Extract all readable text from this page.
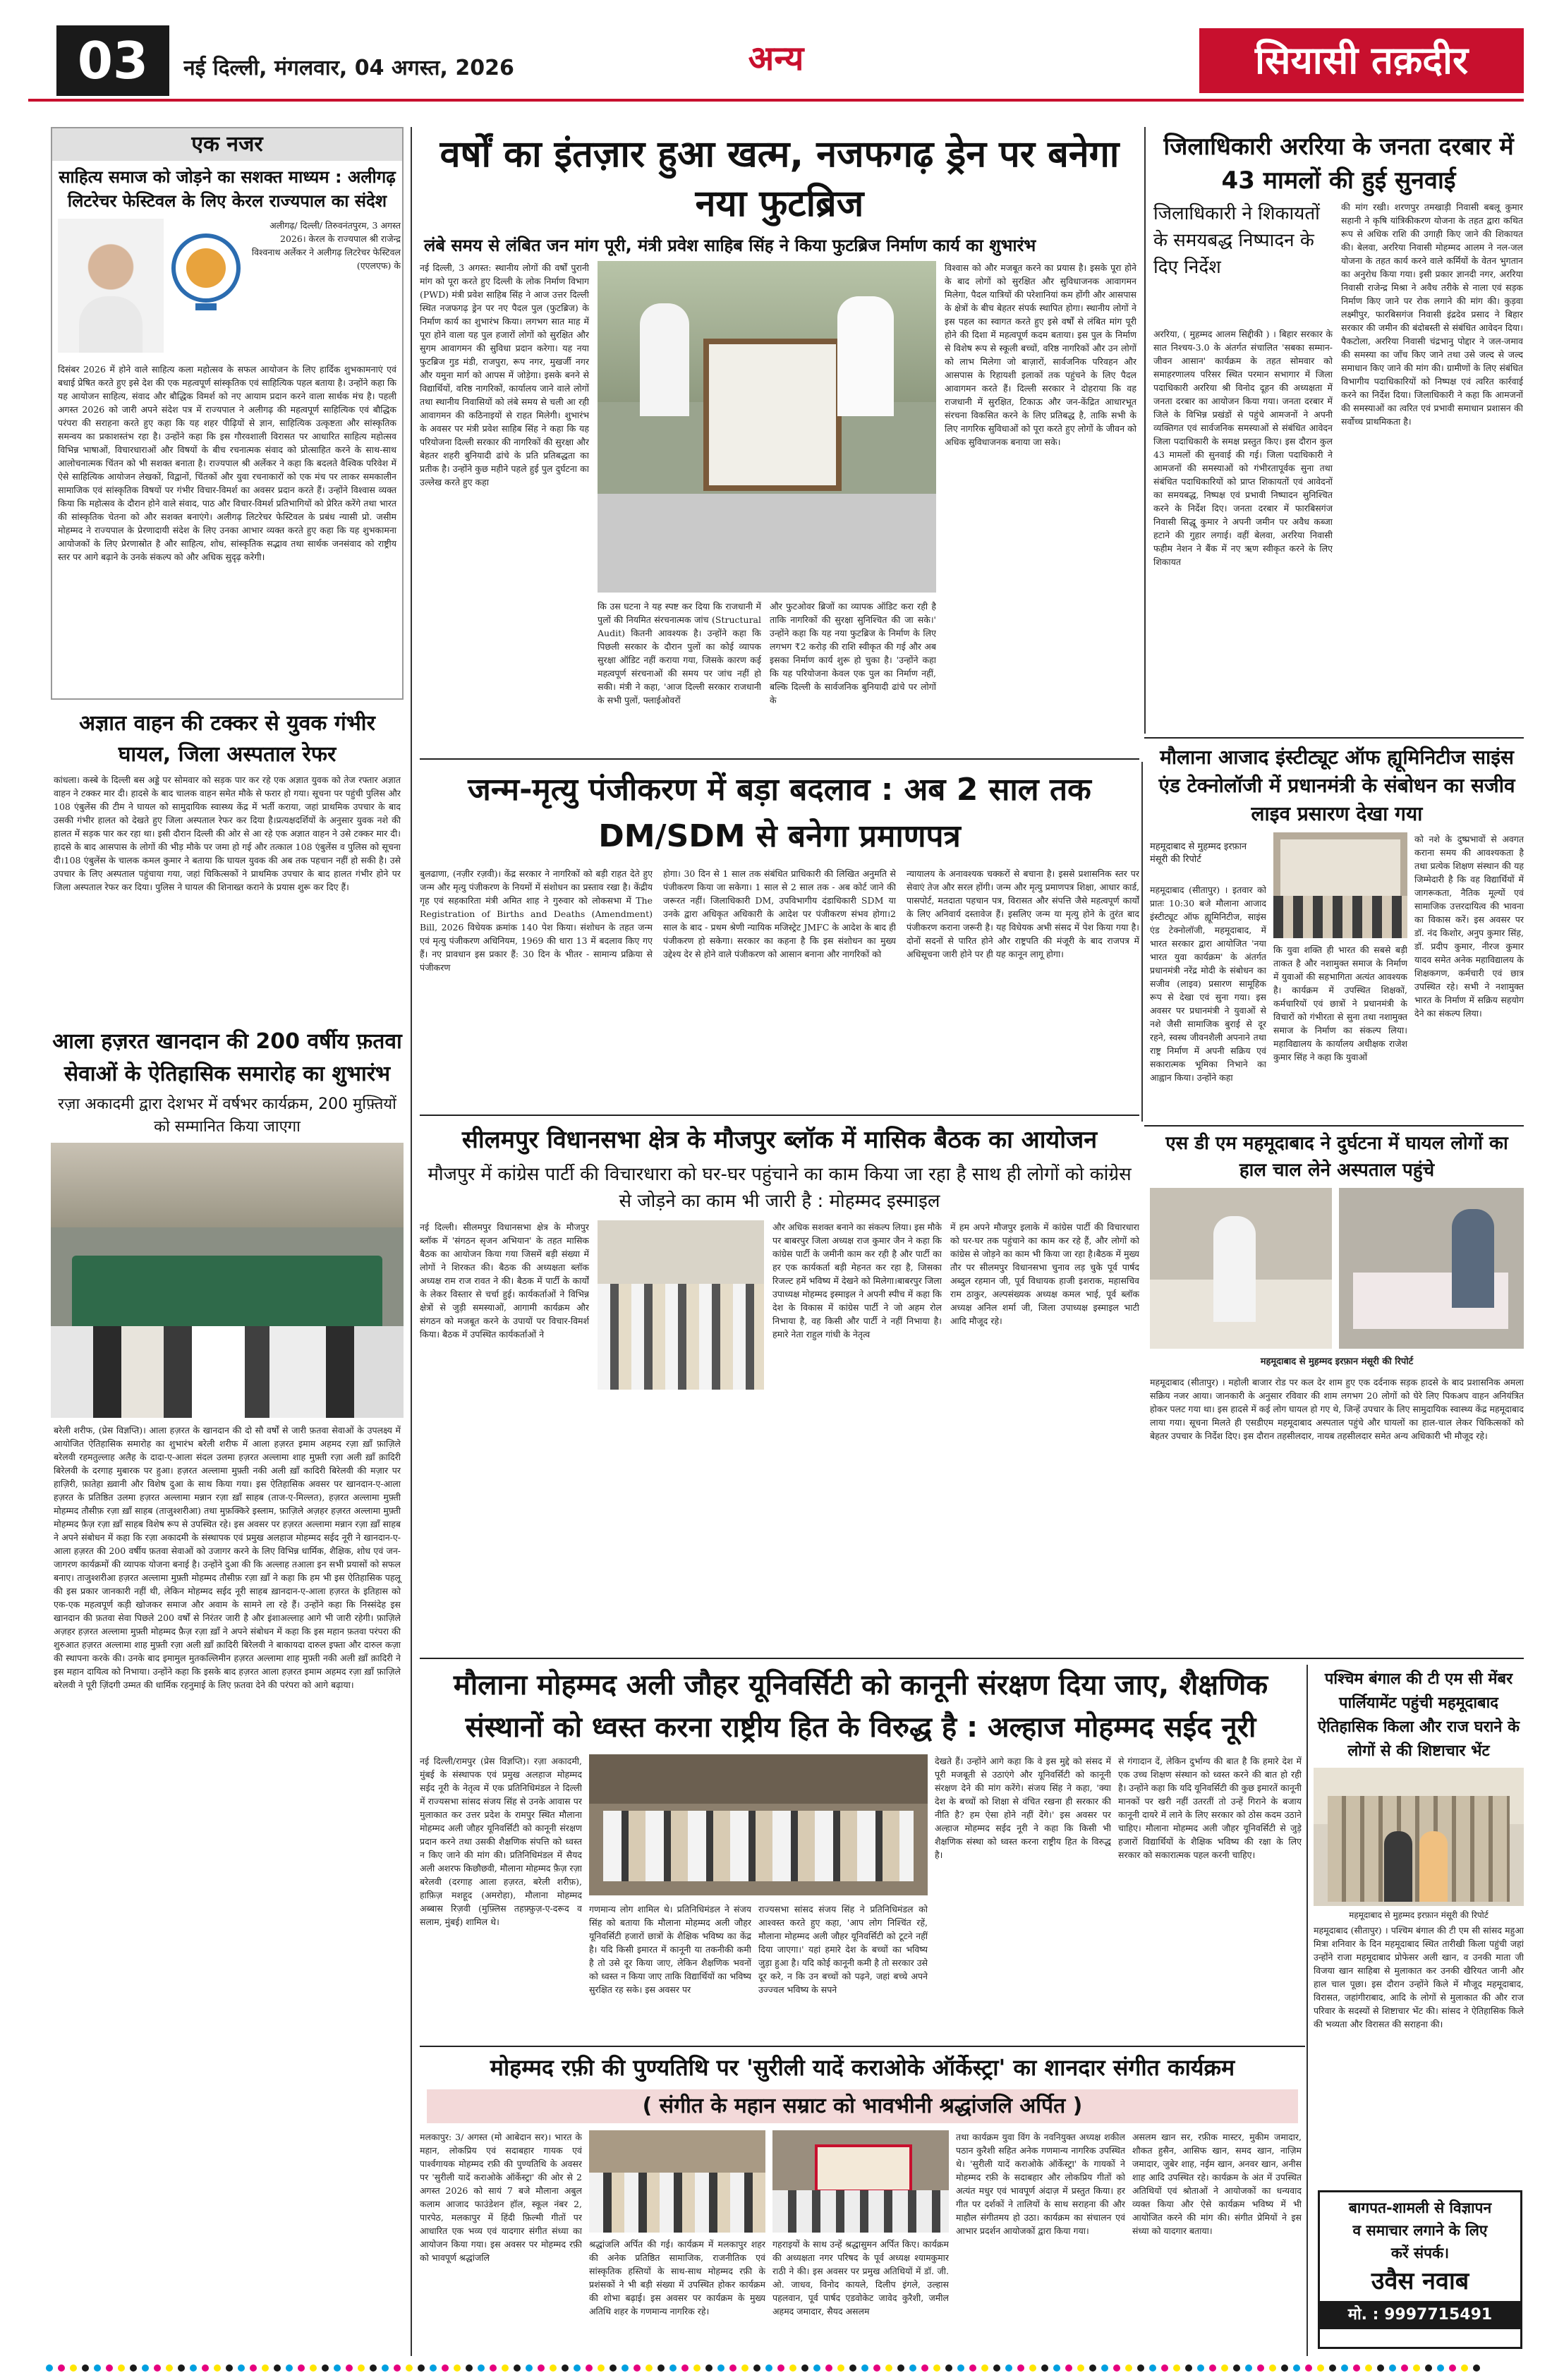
03	नई दिल्ली, मंगलवार, 04 अगस्त, 2026	अन्य	सियासी तक़दीर
एक नजर
साहित्य समाज को जोड़ने का सशक्त माध्यम : अलीगढ़ लिटरेचर फेस्टिवल के लिए केरल राज्यपाल का संदेश
अलीगढ़/ दिल्ली/ तिरुवनंतपुरम, 3 अगस्त 2026। केरल के राज्यपाल श्री राजेन्द्र विश्वनाथ अर्लेकर ने अलीगढ़ लिटरेचर फेस्टिवल (एएलएफ) के
दिसंबर 2026 में होने वाले साहित्य कला महोत्सव के सफल आयोजन के लिए हार्दिक शुभकामनाएं एवं बधाई प्रेषित करते हुए इसे देश की एक महत्वपूर्ण सांस्कृतिक एवं साहित्यिक पहल बताया है। उन्होंने कहा कि यह आयोजन साहित्य, संवाद और बौद्धिक विमर्श को नए आयाम प्रदान करने वाला सार्थक मंच है। पहली अगस्त 2026 को जारी अपने संदेश पत्र में राज्यपाल ने अलीगढ़ की महत्वपूर्ण साहित्यिक एवं बौद्धिक परंपरा की सराहना करते हुए कहा कि यह शहर पीढ़ियों से ज्ञान, साहित्यिक उत्कृष्टता और सांस्कृतिक समन्वय का प्रकाशस्तंभ रहा है। उन्होंने कहा कि इस गौरवशाली विरासत पर आधारित साहित्य महोत्सव विभिन्न भाषाओं, विचारधाराओं और विषयों के बीच रचनात्मक संवाद को प्रोत्साहित करने के साथ-साथ आलोचनात्मक चिंतन को भी सशक्त बनाता है। राज्यपाल श्री अर्लेकर ने कहा कि बदलते वैश्विक परिवेश में ऐसे साहित्यिक आयोजन लेखकों, विद्वानों, चिंतकों और युवा रचनाकारों को एक मंच पर लाकर समकालीन सामाजिक एवं सांस्कृतिक विषयों पर गंभीर विचार-विमर्श का अवसर प्रदान करते हैं। उन्होंने विश्वास व्यक्त किया कि महोत्सव के दौरान होने वाले संवाद, पाठ और विचार-विमर्श प्रतिभागियों को प्रेरित करेंगे तथा भारत की सांस्कृतिक चेतना को और सशक्त बनाएंगे। अलीगढ़ लिटरेचर फेस्टिवल के प्रबंध न्यासी प्रो. जसीम मोहम्मद ने राज्यपाल के प्रेरणादायी संदेश के लिए उनका आभार व्यक्त करते हुए कहा कि यह शुभकामना आयोजकों के लिए प्रेरणास्रोत है और साहित्य, शोध, सांस्कृतिक सद्भाव तथा सार्थक जनसंवाद को राष्ट्रीय स्तर पर आगे बढ़ाने के उनके संकल्प को और अधिक सुदृढ़ करेगी।
अज्ञात वाहन की टक्कर से युवक गंभीर घायल, जिला अस्पताल रेफर
कांधला। कस्बे के दिल्ली बस अड्डे पर सोमवार को सड़क पार कर रहे एक अज्ञात युवक को तेज रफ्तार अज्ञात वाहन ने टक्कर मार दी। हादसे के बाद चालक वाहन समेत मौके से फरार हो गया। सूचना पर पहुंची पुलिस और 108 एंबुलेंस की टीम ने घायल को सामुदायिक स्वास्थ्य केंद्र में भर्ती कराया, जहां प्राथमिक उपचार के बाद उसकी गंभीर हालत को देखते हुए जिला अस्पताल रेफर कर दिया है।प्रत्यक्षदर्शियों के अनुसार युवक नशे की हालत में सड़क पार कर रहा था। इसी दौरान दिल्ली की ओर से आ रहे एक अज्ञात वाहन ने उसे टक्कर मार दी। हादसे के बाद आसपास के लोगों की भीड़ मौके पर जमा हो गई और तत्काल 108 एंबुलेंस व पुलिस को सूचना दी।108 एंबुलेंस के चालक कमल कुमार ने बताया कि घायल युवक की अब तक पहचान नहीं हो सकी है। उसे उपचार के लिए अस्पताल पहुंचाया गया, जहां चिकित्सकों ने प्राथमिक उपचार के बाद हालत गंभीर होने पर जिला अस्पताल रेफर कर दिया। पुलिस ने घायल की शिनाख्त कराने के प्रयास शुरू कर दिए हैं।
आला हज़रत खानदान की 200 वर्षीय फ़तवा सेवाओं के ऐतिहासिक समारोह का शुभारंभ
रज़ा अकादमी द्वारा देशभर में वर्षभर कार्यक्रम, 200 मुफ़्तियों को सम्मानित किया जाएगा
बरेली शरीफ, (प्रेस विज्ञप्ति)। आला हज़रत के खानदान की दो सौ वर्षों से जारी फ़तवा सेवाओं के उपलक्ष्य में आयोजित ऐतिहासिक समारोह का शुभारंभ बरेली शरीफ में आला हज़रत इमाम अहमद रज़ा ख़ाँ फ़ाज़िले बरेलवी रहमतुल्लाह अलैह के दादा-ए-आला संदल उलमा हज़रत अल्लामा शाह मुफ़्ती रज़ा अली ख़ाँ क़ादिरी बिरेलवी के दरगाह मुबारक पर हुआ। हज़रत अल्लामा मुफ़्ती नकी अली ख़ाँ कादिरी बिरेलवी की मज़ार पर हाज़िरी, फ़ातेहा ख़्वानी और विशेष दुआ के साथ किया गया। इस ऐतिहासिक अवसर पर खानदान-ए-आला हज़रत के प्रतिष्ठित उलमा हज़रत अल्लामा मन्नान रज़ा ख़ाँ साहब (ताज-ए-मिल्लत), हज़रत अल्लामा मुफ़्ती मोहम्मद तौसीफ़ रज़ा ख़ाँ साहब (ताजुश्शरीआ) तथा मुफ़क्किरे इस्लाम, फ़ाज़िले अज़हर हज़रत अल्लामा मुफ़्ती मोहम्मद फ़ैज़ रज़ा ख़ाँ साहब विशेष रूप से उपस्थित रहे। इस अवसर पर हज़रत अल्लामा मन्नान रज़ा ख़ाँ साहब ने अपने संबोधन में कहा कि रज़ा अकादमी के संस्थापक एवं प्रमुख अलहाज मोहम्मद सईद नूरी ने खानदान-ए-आला हज़रत की 200 वर्षीय फ़तवा सेवाओं को उजागर करने के लिए विभिन्न धार्मिक, शैक्षिक, शोध एवं जन-जागरण कार्यक्रमों की व्यापक योजना बनाई है। उन्होंने दुआ की कि अल्लाह तआला इन सभी प्रयासों को सफल बनाए। ताजुश्शरीआ हज़रत अल्लामा मुफ़्ती मोहम्मद तौसीफ़ रज़ा ख़ाँ ने कहा कि हम भी इस ऐतिहासिक पहलू की इस प्रकार जानकारी नहीं थी, लेकिन मोहम्मद सईद नूरी साहब ख़ानदान-ए-आला हज़रत के इतिहास को एक-एक महत्वपूर्ण कड़ी खोजकर समाज और अवाम के सामने ला रहे हैं। उन्होंने कहा कि निस्संदेह इस खानदान की फ़तवा सेवा पिछले 200 वर्षों से निरंतर जारी है और इंशाअल्लाह आगे भी जारी रहेगी। फ़ाज़िले अज़हर हज़रत अल्लामा मुफ़्ती मोहम्मद फ़ैज़ रज़ा ख़ाँ ने अपने संबोधन में कहा कि इस महान फ़तवा परंपरा की शुरुआत हज़रत अल्लामा शाह मुफ़्ती रज़ा अली ख़ाँ क़ादिरी बिरेलवी ने बाकायदा दारुल इफ्ता और दारुल कज़ा की स्थापना करके की। उनके बाद इमामुल मुतकल्लिमीन हज़रत अल्लामा शाह मुफ़्ती नकी अली ख़ाँ क़ादिरी ने इस महान दायित्व को निभाया। उन्होंने कहा कि इसके बाद हज़रत आला हज़रत इमाम अहमद रज़ा ख़ाँ फ़ाज़िले बरेलवी ने पूरी ज़िंदगी उम्मत की धार्मिक रहनुमाई के लिए फ़तवा देने की परंपरा को आगे बढ़ाया।
वर्षों का इंतज़ार हुआ खत्म, नजफगढ़ ड्रेन पर बनेगा नया फुटब्रिज
लंबे समय से लंबित जन मांग पूरी, मंत्री प्रवेश साहिब सिंह ने किया फुटब्रिज निर्माण कार्य का शुभारंभ
नई दिल्ली, 3 अगस्त: स्थानीय लोगों की वर्षों पुरानी मांग को पूरा करते हुए दिल्ली के लोक निर्माण विभाग (PWD) मंत्री प्रवेश साहिब सिंह ने आज उत्तर दिल्ली स्थित नजफगढ़ ड्रेन पर नए पैदल पुल (फुटब्रिज) के निर्माण कार्य का शुभारंभ किया। लगभग सात माह में पूरा होने वाला यह पुल हजारों लोगों को सुरक्षित और सुगम आवागमन की सुविधा प्रदान करेगा। यह नया फुटब्रिज गुड मंडी, राजपुरा, रूप नगर, मुखर्जी नगर और यमुना मार्ग को आपस में जोड़ेगा। इसके बनने से विद्यार्थियों, वरिष्ठ नागरिकों, कार्यालय जाने वाले लोगों तथा स्थानीय निवासियों को लंबे समय से चली आ रही आवागमन की कठिनाइयों से राहत मिलेगी। शुभारंभ के अवसर पर मंत्री प्रवेश साहिब सिंह ने कहा कि यह परियोजना दिल्ली सरकार की नागरिकों की सुरक्षा और बेहतर शहरी बुनियादी ढांचे के प्रति प्रतिबद्धता का प्रतीक है। उन्होंने कुछ महीने पहले हुई पुल दुर्घटना का उल्लेख करते हुए कहा
कि उस घटना ने यह स्पष्ट कर दिया कि राजधानी में पुलों की नियमित संरचनात्मक जांच (Structural Audit) कितनी आवश्यक है। उन्होंने कहा कि पिछली सरकार के दौरान पुलों का कोई व्यापक सुरक्षा ऑडिट नहीं कराया गया, जिसके कारण कई महत्वपूर्ण संरचनाओं की समय पर जांच नहीं हो सकी। मंत्री ने कहा, 'आज दिल्ली सरकार राजधानी के सभी पुलों, फ्लाईओवरों
और फुटओवर ब्रिजों का व्यापक ऑडिट करा रही है ताकि नागरिकों की सुरक्षा सुनिश्चित की जा सके।' उन्होंने कहा कि यह नया फुटब्रिज के निर्माण के लिए लगभग ₹2 करोड़ की राशि स्वीकृत की गई और अब इसका निर्माण कार्य शुरू हो चुका है। 'उन्होंने कहा कि यह परियोजना केवल एक पुल का निर्माण नहीं, बल्कि दिल्ली के सार्वजनिक बुनियादी ढांचे पर लोगों के
विश्वास को और मजबूत करने का प्रयास है। इसके पूरा होने के बाद लोगों को सुरक्षित और सुविधाजनक आवागमन मिलेगा, पैदल यात्रियों की परेशानियां कम होंगी और आसपास के क्षेत्रों के बीच बेहतर संपर्क स्थापित होगा। स्थानीय लोगों ने इस पहल का स्वागत करते हुए इसे वर्षों से लंबित मांग पूरी होने की दिशा में महत्वपूर्ण कदम बताया। इस पुल के निर्माण से विशेष रूप से स्कूली बच्चों, वरिष्ठ नागरिकों और उन लोगों को लाभ मिलेगा जो बाज़ारों, सार्वजनिक परिवहन और आसपास के रिहायशी इलाकों तक पहुंचने के लिए पैदल आवागमन करते हैं। दिल्ली सरकार ने दोहराया कि वह राजधानी में सुरक्षित, टिकाऊ और जन-केंद्रित आधारभूत संरचना विकसित करने के लिए प्रतिबद्ध है, ताकि सभी के लिए नागरिक सुविधाओं को पूरा करते हुए लोगों के जीवन को अधिक सुविधाजनक बनाया जा सके।
जिलाधिकारी अररिया के जनता दरबार में 43 मामलों की हुई सुनवाई
जिलाधिकारी ने शिकायतों के समयबद्ध निष्पादन के दिए निर्देश
अररिया, ( मुहम्मद आलम सिद्दीकी ) । बिहार सरकार के सात निश्चय-3.0 के अंतर्गत संचालित 'सबका सम्मान-जीवन आसान' कार्यक्रम के तहत सोमवार को समाहरणालय परिसर स्थित परमान सभागार में जिला पदाधिकारी अररिया श्री विनोद दूहन की अध्यक्षता में जनता दरबार का आयोजन किया गया। जनता दरबार में जिले के विभिन्न प्रखंडों से पहुंचे आमजनों ने अपनी व्यक्तिगत एवं सार्वजनिक समस्याओं से संबंधित आवेदन जिला पदाधिकारी के समक्ष प्रस्तुत किए। इस दौरान कुल 43 मामलों की सुनवाई की गई। जिला पदाधिकारी ने आमजनों की समस्याओं को गंभीरतापूर्वक सुना तथा संबंधित पदाधिकारियों को प्राप्त शिकायतों एवं आवेदनों का समयबद्ध, निष्पक्ष एवं प्रभावी निष्पादन सुनिश्चित करने के निर्देश दिए। जनता दरबार में फारबिसगंज निवासी सिद्धू कुमार ने अपनी जमीन पर अवैध कब्जा हटाने की गुहार लगाई। वहीं बेलवा, अररिया निवासी फहीम नेशन ने बैंक में नए ऋण स्वीकृत करने के लिए शिकायत
की मांग रखी। शरणपुर तमखाड़ी निवासी बबलू कुमार सहानी ने कृषि यांत्रिकीकरण योजना के तहत द्वारा कथित रूप से अधिक राशि की उगाही किए जाने की शिकायत की। बेलवा, अररिया निवासी मोहम्मद आलम ने नल-जल योजना के तहत कार्य करने वाले कर्मियों के वेतन भुगतान का अनुरोध किया गया। इसी प्रकार ज्ञानदी नगर, अररिया निवासी राजेन्द्र मिश्रा ने अवैध तरीके से नाला एवं सड़क निर्माण किए जाने पर रोक लगाने की मांग की। कुड़वा लक्ष्मीपुर, फारबिसगंज निवासी इंद्रदेव प्रसाद ने बिहार सरकार की जमीन की बंदोबस्ती से संबंधित आवेदन दिया। पैकटोला, अररिया निवासी चंद्रभानु पोद्दार ने जल-जमाव की समस्या का जाँच किए जाने तथा उसे जल्द से जल्द समाधान किए जाने की मांग की। ग्रामीणों के लिए संबंधित विभागीय पदाधिकारियों को निष्पक्ष एवं त्वरित कार्रवाई करने का निर्देश दिया। जिलाधिकारी ने कहा कि आमजनों की समस्याओं का त्वरित एवं प्रभावी समाधान प्रशासन की सर्वोच्च प्राथमिकता है।
जन्म-मृत्यु पंजीकरण में बड़ा बदलाव : अब 2 साल तक DM/SDM से बनेगा प्रमाणपत्र
बुलढाणा, (नज़ीर रज़वी)। केंद्र सरकार ने नागरिकों को बड़ी राहत देते हुए जन्म और मृत्यु पंजीकरण के नियमों में संशोधन का प्रस्ताव रखा है। केंद्रीय गृह एवं सहकारिता मंत्री अमित शाह ने गुरुवार को लोकसभा में The Registration of Births and Deaths (Amendment) Bill, 2026 विधेयक क्रमांक 140 पेश किया। संशोधन के तहत जन्म एवं मृत्यु पंजीकरण अधिनियम, 1969 की धारा 13 में बदलाव किए गए हैं। नए प्रावधान इस प्रकार हैं: 30 दिन के भीतर - सामान्य प्रक्रिया से पंजीकरण
होगा। 30 दिन से 1 साल तक संबंधित प्राधिकारी की लिखित अनुमति से पंजीकरण किया जा सकेगा। 1 साल से 2 साल तक - अब कोर्ट जाने की जरूरत नहीं। जिलाधिकारी DM, उपविभागीय दंडाधिकारी SDM या उनके द्वारा अधिकृत अधिकारी के आदेश पर पंजीकरण संभव होगा।2 साल के बाद - प्रथम श्रेणी न्यायिक मजिस्ट्रेट JMFC के आदेश के बाद ही पंजीकरण हो सकेगा। सरकार का कहना है कि इस संशोधन का मुख्य उद्देश्य देर से होने वाले पंजीकरण को आसान बनाना और नागरिकों को
न्यायालय के अनावश्यक चक्करों से बचाना है। इससे प्रशासनिक स्तर पर सेवाएं तेज और सरल होंगी। जन्म और मृत्यु प्रमाणपत्र शिक्षा, आधार कार्ड, पासपोर्ट, मतदाता पहचान पत्र, विरासत और संपत्ति जैसे महत्वपूर्ण कार्यों के लिए अनिवार्य दस्तावेज हैं। इसलिए जन्म या मृत्यु होने के तुरंत बाद पंजीकरण कराना जरूरी है। यह विधेयक अभी संसद में पेश किया गया है। दोनों सदनों से पारित होने और राष्ट्रपति की मंजूरी के बाद राजपत्र में अधिसूचना जारी होने पर ही यह कानून लागू होगा।
मौलाना आजाद इंस्टीट्यूट ऑफ ह्यूमिनिटीज साइंस एंड टेक्नोलॉजी में प्रधानमंत्री के संबोधन का सजीव लाइव प्रसारण देखा गया
महमूदाबाद से मुहम्मद इरफ़ान मंसूरी की रिपोर्ट
महमूदाबाद (सीतापुर) । इतवार को प्रातः 10:30 बजे मौलाना आजाद इंस्टीट्यूट ऑफ ह्यूमिनिटीज, साइंस एंड टेक्नोलॉजी, महमूदाबाद, में भारत सरकार द्वारा आयोजित 'नया भारत युवा कार्यक्रम' के अंतर्गत प्रधानमंत्री नरेंद्र मोदी के संबोधन का सजीव (लाइव) प्रसारण सामूहिक रूप से देखा एवं सुना गया। इस अवसर पर प्रधानमंत्री ने युवाओं से नशे जैसी सामाजिक बुराई से दूर रहने, स्वस्थ जीवनशैली अपनाने तथा राष्ट्र निर्माण में अपनी सक्रिय एवं सकारात्मक भूमिका निभाने का आह्वान किया। उन्होंने कहा
कि युवा शक्ति ही भारत की सबसे बड़ी ताकत है और नशामुक्त समाज के निर्माण में युवाओं की सहभागिता अत्यंत आवश्यक है। कार्यक्रम में उपस्थित शिक्षकों, कर्मचारियों एवं छात्रों ने प्रधानमंत्री के विचारों को गंभीरता से सुना तथा नशामुक्त समाज के निर्माण का संकल्प लिया। महाविद्यालय के कार्यालय अधीक्षक राजेश कुमार सिंह ने कहा कि युवाओं
को नशे के दुष्प्रभावों से अवगत कराना समय की आवश्यकता है तथा प्रत्येक शिक्षण संस्थान की यह जिम्मेदारी है कि वह विद्यार्थियों में जागरूकता, नैतिक मूल्यों एवं सामाजिक उत्तरदायित्व की भावना का विकास करें। इस अवसर पर डॉ. नंद किशोर, अनुप कुमार सिंह, डॉ. प्रदीप कुमार, नीरज कुमार यादव समेत अनेक महाविद्यालय के शिक्षकगण, कर्मचारी एवं छात्र उपस्थित रहे। सभी ने नशामुक्त भारत के निर्माण में सक्रिय सहयोग देने का संकल्प लिया।
सीलमपुर विधानसभा क्षेत्र के मौजपुर ब्लॉक में मासिक बैठक का आयोजन
मौजपुर में कांग्रेस पार्टी की विचारधारा को घर-घर पहुंचाने का काम किया जा रहा है साथ ही लोगों को कांग्रेस से जोड़ने का काम भी जारी है : मोहम्मद इस्माइल
नई दिल्ली। सीलमपुर विधानसभा क्षेत्र के मौजपुर ब्लॉक में 'संगठन सृजन अभियान' के तहत मासिक बैठक का आयोजन किया गया जिसमें बड़ी संख्या में लोगों ने शिरकत की। बैठक की अध्यक्षता ब्लॉक अध्यक्ष राम राज रावत ने की। बैठक में पार्टी के कार्यों के लेकर विस्तार से चर्चा हुई। कार्यकर्ताओं ने विभिन्न क्षेत्रों से जुड़ी समस्याओं, आगामी कार्यक्रम और संगठन को मजबूत करने के उपायों पर विचार-विमर्श किया। बैठक में उपस्थित कार्यकर्ताओं ने
और अधिक सशक्त बनाने का संकल्प लिया। इस मौके पर बाबरपुर जिला अध्यक्ष राज कुमार जैन ने कहा कि कांग्रेस पार्टी के जमीनी काम कर रही है और पार्टी का हर एक कार्यकर्ता बड़ी मेहनत कर रहा है, जिसका रिजल्ट हमें भविष्य में देखने को मिलेगा।बाबरपुर जिला उपाध्यक्ष मोहम्मद इस्माइल ने अपनी स्पीच में कहा कि देश के विकास में कांग्रेस पार्टी ने जो अहम रोल निभाया है, वह किसी और पार्टी ने नहीं निभाया है।हमारे नेता राहुल गांधी के नेतृत्व
में हम अपने मौजपुर इलाके में कांग्रेस पार्टी की विचारधारा को घर-घर तक पहुंचाने का काम कर रहे हैं, और लोगों को कांग्रेस से जोड़ने का काम भी किया जा रहा है।बैठक में मुख्य तौर पर सीलमपुर विधानसभा चुनाव लड़ चुके पूर्व पार्षद अब्दुल रहमान जी, पूर्व विधायक हाजी इशराक, महासचिव राम ठाकुर, अल्पसंख्यक अध्यक्ष कमल भाई, पूर्व ब्लॉक अध्यक्ष अनिल शर्मा जी, जिला उपाध्यक्ष इस्माइल भाटी आदि मौजूद रहे।
एस डी एम महमूदाबाद ने दुर्घटना में घायल लोगों का हाल चाल लेने अस्पताल पहुंचे
महमूदाबाद से मुहम्मद इरफ़ान मंसूरी की रिपोर्ट
महमूदाबाद (सीतापुर) । महोली बाजार रोड पर कल देर शाम हुए एक दर्दनाक सड़क हादसे के बाद प्रशासनिक अमला सक्रिय नजर आया। जानकारी के अनुसार रविवार की शाम लगभग 20 लोगों को घेरे लिए पिकअप वाहन अनियंत्रित होकर पलट गया था। इस हादसे में कई लोग घायल हो गए थे, जिन्हें उपचार के लिए सामुदायिक स्वास्थ्य केंद्र महमूदाबाद लाया गया। सूचना मिलते ही एसडीएम महमूदाबाद अस्पताल पहुंचे और घायलों का हाल-चाल लेकर चिकित्सकों को बेहतर उपचार के निर्देश दिए। इस दौरान तहसीलदार, नायब तहसीलदार समेत अन्य अधिकारी भी मौजूद रहे।
मौलाना मोहम्मद अली जौहर यूनिवर्सिटी को कानूनी संरक्षण दिया जाए, शैक्षणिक संस्थानों को ध्वस्त करना राष्ट्रीय हित के विरुद्ध है : अल्हाज मोहम्मद सईद नूरी
नई दिल्ली/रामपुर (प्रेस विज्ञप्ति)। रज़ा अकादमी, मुंबई के संस्थापक एवं प्रमुख अलहाज मोहम्मद सईद नूरी के नेतृत्व में एक प्रतिनिधिमंडल ने दिल्ली में राज्यसभा सांसद संजय सिंह से उनके आवास पर मुलाकात कर उत्तर प्रदेश के रामपुर स्थित मौलाना मोहम्मद अली जौहर यूनिवर्सिटी को कानूनी संरक्षण प्रदान करने तथा उसकी शैक्षणिक संपत्ति को ध्वस्त न किए जाने की मांग की। प्रतिनिधिमंडल में सैयद अली अशरफ किछौछवी, मौलाना मोहम्मद फ़ैज़ रज़ा बरेलवी (दरगाह आला हज़रत, बरेली शरीफ़), हाफ़िज़ मशहूद (अमरोहा), मौलाना मोहम्मद अब्बास रिज़वी (मुफ़्लिस तहफ़्फ़ुज़-ए-दरूद व सलाम, मुंबई) शामिल थे।
गणमान्य लोग शामिल थे। प्रतिनिधिमंडल ने संजय सिंह को बताया कि मौलाना मोहम्मद अली जौहर यूनिवर्सिटी हजारों छात्रों के शैक्षिक भविष्य का केंद्र है। यदि किसी इमारत में कानूनी या तकनीकी कमी है तो उसे दूर किया जाए, लेकिन शैक्षणिक भवनों को ध्वस्त न किया जाए ताकि विद्यार्थियों का भविष्य सुरक्षित रह सके। इस अवसर पर
राज्यसभा सांसद संजय सिंह ने प्रतिनिधिमंडल को आश्वस्त करते हुए कहा, 'आप लोग निश्चिंत रहें, मौलाना मोहम्मद अली जौहर यूनिवर्सिटी को टूटने नहीं दिया जाएगा।' यहां हमारे देश के बच्चों का भविष्य जुड़ा हुआ है। यदि कोई कानूनी कमी है तो सरकार उसे दूर करे, न कि उन बच्चों को पढ़ने, जहां बच्चे अपने उज्ज्वल भविष्य के सपने
देखते हैं। उन्होंने आगे कहा कि वे इस मुद्दे को संसद में पूरी मजबूती से उठाएंगे और यूनिवर्सिटी को कानूनी संरक्षण देने की मांग करेंगे। संजय सिंह ने कहा, 'क्या देश के बच्चों को शिक्षा से वंचित रखना ही सरकार की नीति है? हम ऐसा होने नहीं देंगे।' इस अवसर पर अल्हाज मोहम्मद सईद नूरी ने कहा कि किसी भी शैक्षणिक संस्था को ध्वस्त करना राष्ट्रीय हित के विरुद्ध है।
से गंगादान दें, लेकिन दुर्भाग्य की बात है कि हमारे देश में एक उच्च शिक्षण संस्थान को ध्वस्त करने की बात हो रही है। उन्होंने कहा कि यदि यूनिवर्सिटी की कुछ इमारतें कानूनी मानकों पर खरी नहीं उतरतीं तो उन्हें गिराने के बजाय कानूनी दायरे में लाने के लिए सरकार को ठोस कदम उठाने चाहिए। मौलाना मोहम्मद अली जौहर यूनिवर्सिटी से जुड़े हजारों विद्यार्थियों के शैक्षिक भविष्य की रक्षा के लिए सरकार को सकारात्मक पहल करनी चाहिए।
पश्चिम बंगाल की टी एम सी मेंबर पार्लियामेंट पहुंची महमूदाबाद ऐतिहासिक किला और राज घराने के लोगों से की शिष्टाचार भेंट
महमूदाबाद से मुहम्मद इरफ़ान मंसूरी की रिपोर्ट
महमूदाबाद (सीतापुर) । पश्चिम बंगाल की टी एम सी सांसद महुआ मित्रा शनिवार के दिन महमूदाबाद स्थित तारीखी किला पहुंची जहां उन्होंने राजा महमूदाबाद प्रोफेसर अली खान, व उनकी माता जी विजया खान साहिबा से मुलाकात कर उनकी खैरियत जानी और हाल चाल पूछा। इस दौरान उन्होंने किले में मौजूद महमूदाबाद, विरासत, जहांगीराबाद, आदि के लोगों से मुलाकात की और राज परिवार के सदस्यों से शिष्टाचार भेंट की। सांसद ने ऐतिहासिक किले की भव्यता और विरासत की सराहना की।
बागपत-शामली से विज्ञापन
व समाचार लगाने के लिए
करें संपर्क।
उवैस नवाब
मो. : 9997715491
मोहम्मद रफ़ी की पुण्यतिथि पर 'सुरीली यादें कराओके ऑर्केस्ट्रा' का शानदार संगीत कार्यक्रम
( संगीत के महान सम्राट को भावभीनी श्रद्धांजलि अर्पित )
मलकापुर: 3/ अगस्त (मो आबेदान सर)। भारत के महान, लोकप्रिय एवं सदाबहार गायक एवं पार्श्वगायक मोहम्मद रफ़ी की पुण्यतिथि के अवसर पर 'सुरीली यादें कराओके ऑर्केस्ट्रा' की ओर से 2 अगस्त 2026 को सायं 7 बजे मौलाना अबुल कलाम आजाद फाउंडेशन हॉल, स्कूल नंबर 2, पारपेठ, मलकापुर में हिंदी फ़िल्मी गीतों पर आधारित एक भव्य एवं यादगार संगीत संध्या का आयोजन किया गया। इस अवसर पर मोहम्मद रफ़ी को भावपूर्ण श्रद्धांजलि
श्रद्धांजलि अर्पित की गई। कार्यक्रम में मलकापुर शहर की अनेक प्रतिष्ठित सामाजिक, राजनीतिक एवं सांस्कृतिक हस्तियों के साथ-साथ मोहम्मद रफ़ी के प्रशंसकों ने भी बड़ी संख्या में उपस्थित होकर कार्यक्रम की शोभा बढ़ाई। इस अवसर पर कार्यक्रम के मुख्य अतिथि शहर के गणमान्य नागरिक रहे।
गहराइयों के साथ उन्हें श्रद्धासुमन अर्पित किए। कार्यक्रम की अध्यक्षता नगर परिषद के पूर्व अध्यक्ष श्यामकुमार राठी ने की। इस अवसर पर प्रमुख अतिथियों में डॉ. जी. ओ. जाधव, विनोद कायले, दिलीप इंगले, उल्हास पहलवान, पूर्व पार्षद एडवोकेट जावेद कुरैशी, जमील अहमद जमादार, सैयद असलम
तथा कार्यक्रम युवा विंग के नवनियुक्त अध्यक्ष शकील पठान कुरैशी सहित अनेक गणमान्य नागरिक उपस्थित थे। 'सुरीली यादें कराओके ऑर्केस्ट्रा' के गायकों ने मोहम्मद रफ़ी के सदाबहार और लोकप्रिय गीतों को अत्यंत मधुर एवं भावपूर्ण अंदाज़ में प्रस्तुत किया। हर गीत पर दर्शकों ने तालियों के साथ सराहना की और माहौल संगीतमय हो उठा। कार्यक्रम का संचालन एवं आभार प्रदर्शन आयोजकों द्वारा किया गया।
असलम खान सर, रफ़ीक मास्टर, मुकीम जमादार, शौकत हुसैन, आसिफ खान, समद खान, नाज़िम जमादार, जुबेर शाह, नईम खान, अनवर खान, अनीस शाह आदि उपस्थित रहे। कार्यक्रम के अंत में उपस्थित अतिथियों एवं श्रोताओं ने आयोजकों का धन्यवाद व्यक्त किया और ऐसे कार्यक्रम भविष्य में भी आयोजित करने की मांग की। संगीत प्रेमियों ने इस संध्या को यादगार बताया।
